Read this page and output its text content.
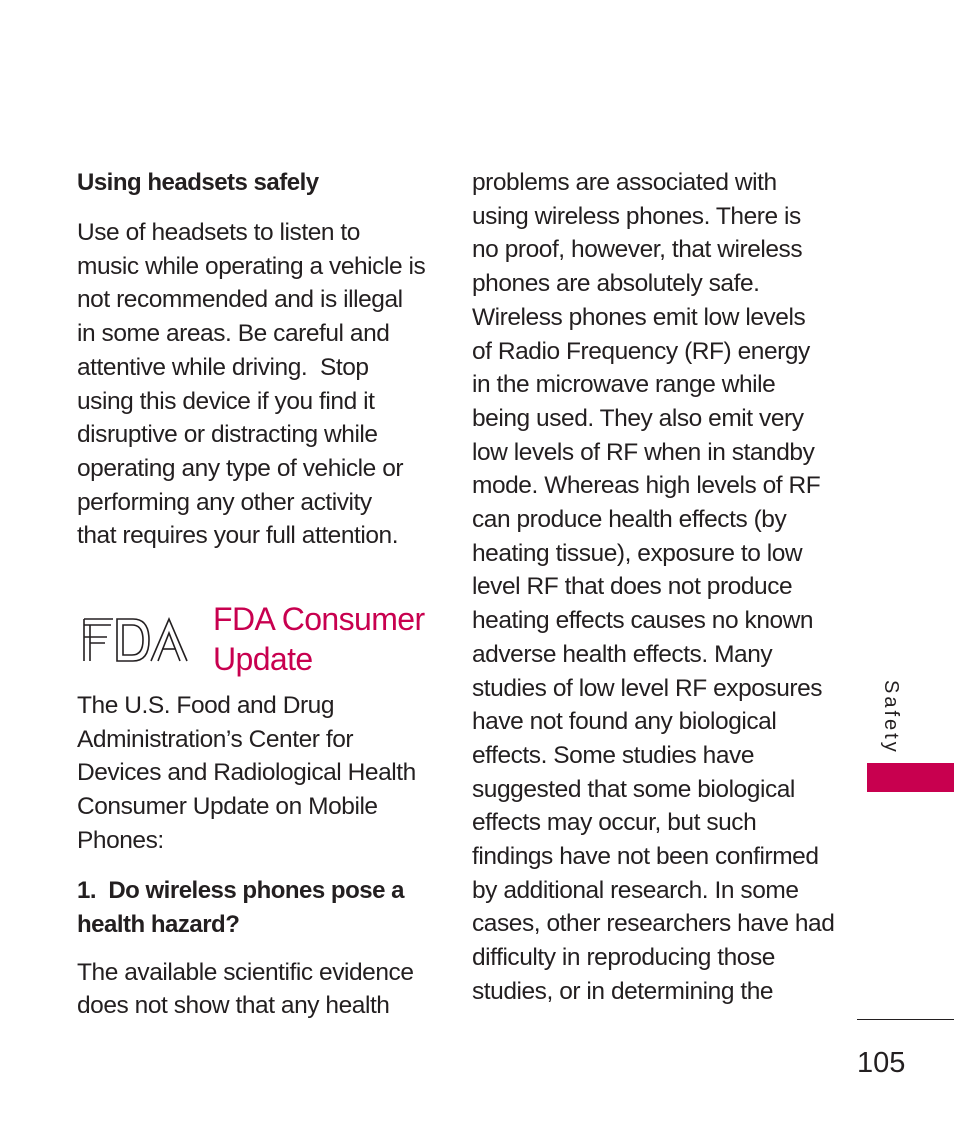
Using headsets safely
Use of headsets to listen to
music while operating a vehicle is
not recommended and is illegal
in some areas. Be careful and
attentive while driving.  Stop
using this device if you find it
disruptive or distracting while
operating any type of vehicle or
performing any other activity
that requires your full attention.
FDA
FDA Consumer
Update
The U.S. Food and Drug
Administration’s Center for
Devices and Radiological Health
Consumer Update on Mobile
Phones:
1.  Do wireless phones pose a
health hazard?
The available scientific evidence
does not show that any health
problems are associated with
using wireless phones. There is
no proof, however, that wireless
phones are absolutely safe.
Wireless phones emit low levels
of Radio Frequency (RF) energy
in the microwave range while
being used. They also emit very
low levels of RF when in standby
mode. Whereas high levels of RF
can produce health effects (by
heating tissue), exposure to low
level RF that does not produce
heating effects causes no known
adverse health effects. Many
studies of low level RF exposures
have not found any biological
effects. Some studies have
suggested that some biological
effects may occur, but such
findings have not been confirmed
by additional research. In some
cases, other researchers have had
difficulty in reproducing those
studies, or in determining the
Safety
105
